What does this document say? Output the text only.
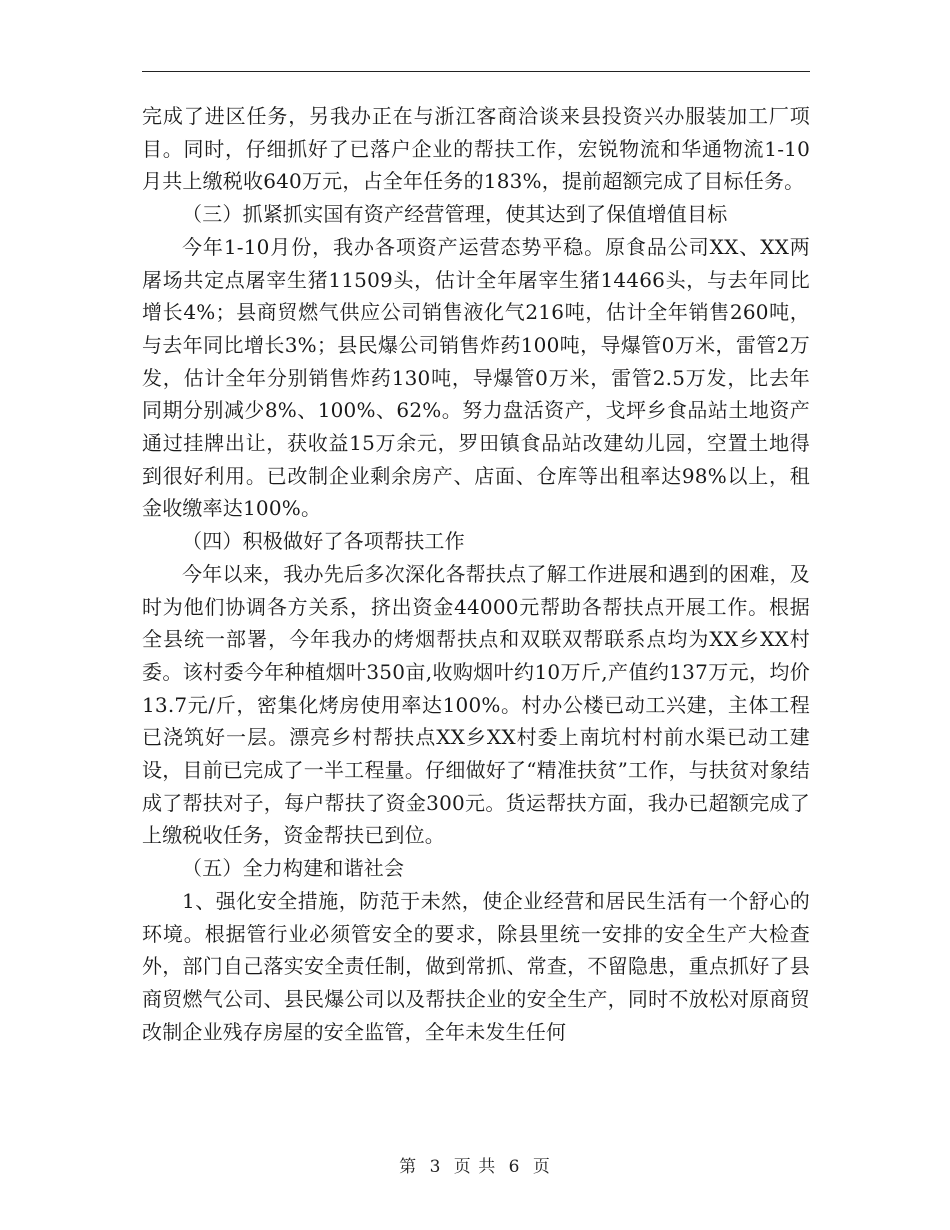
完成了进区任务，另我办正在与浙江客商洽谈来县投资兴办服装加工厂项目。同时，仔细抓好了已落户企业的帮扶工作，宏锐物流和华通物流1-10月共上缴税收640万元，占全年任务的183%，提前超额完成了目标任务。

（三）抓紧抓实国有资产经营管理，使其达到了保值增值目标

今年1-10月份，我办各项资产运营态势平稳。原食品公司XX、XX两屠场共定点屠宰生猪11509头，估计全年屠宰生猪14466头，与去年同比增长4%；县商贸燃气供应公司销售液化气216吨，估计全年销售260吨，与去年同比增长3%；县民爆公司销售炸药100吨，导爆管0万米，雷管2万发，估计全年分别销售炸药130吨，导爆管0万米，雷管2.5万发，比去年同期分别减少8%、100%、62%。努力盘活资产，戈坪乡食品站土地资产通过挂牌出让，获收益15万余元，罗田镇食品站改建幼儿园，空置土地得到很好利用。已改制企业剩余房产、店面、仓库等出租率达98%以上，租金收缴率达100%。

（四）积极做好了各项帮扶工作

今年以来，我办先后多次深化各帮扶点了解工作进展和遇到的困难，及时为他们协调各方关系，挤出资金44000元帮助各帮扶点开展工作。根据全县统一部署，今年我办的烤烟帮扶点和双联双帮联系点均为XX乡XX村委。该村委今年种植烟叶350亩,收购烟叶约10万斤,产值约137万元，均价13.7元/斤，密集化烤房使用率达100%。村办公楼已动工兴建，主体工程已浇筑好一层。漂亮乡村帮扶点XX乡XX村委上南坑村村前水渠已动工建设，目前已完成了一半工程量。仔细做好了“精准扶贫”工作，与扶贫对象结成了帮扶对子，每户帮扶了资金300元。货运帮扶方面，我办已超额完成了上缴税收任务，资金帮扶已到位。

（五）全力构建和谐社会

1、强化安全措施，防范于未然，使企业经营和居民生活有一个舒心的环境。根据管行业必须管安全的要求，除县里统一安排的安全生产大检查外，部门自己落实安全责任制，做到常抓、常查，不留隐患，重点抓好了县商贸燃气公司、县民爆公司以及帮扶企业的安全生产，同时不放松对原商贸改制企业残存房屋的安全监管，全年未发生任何

第 3 页 共 6 页
